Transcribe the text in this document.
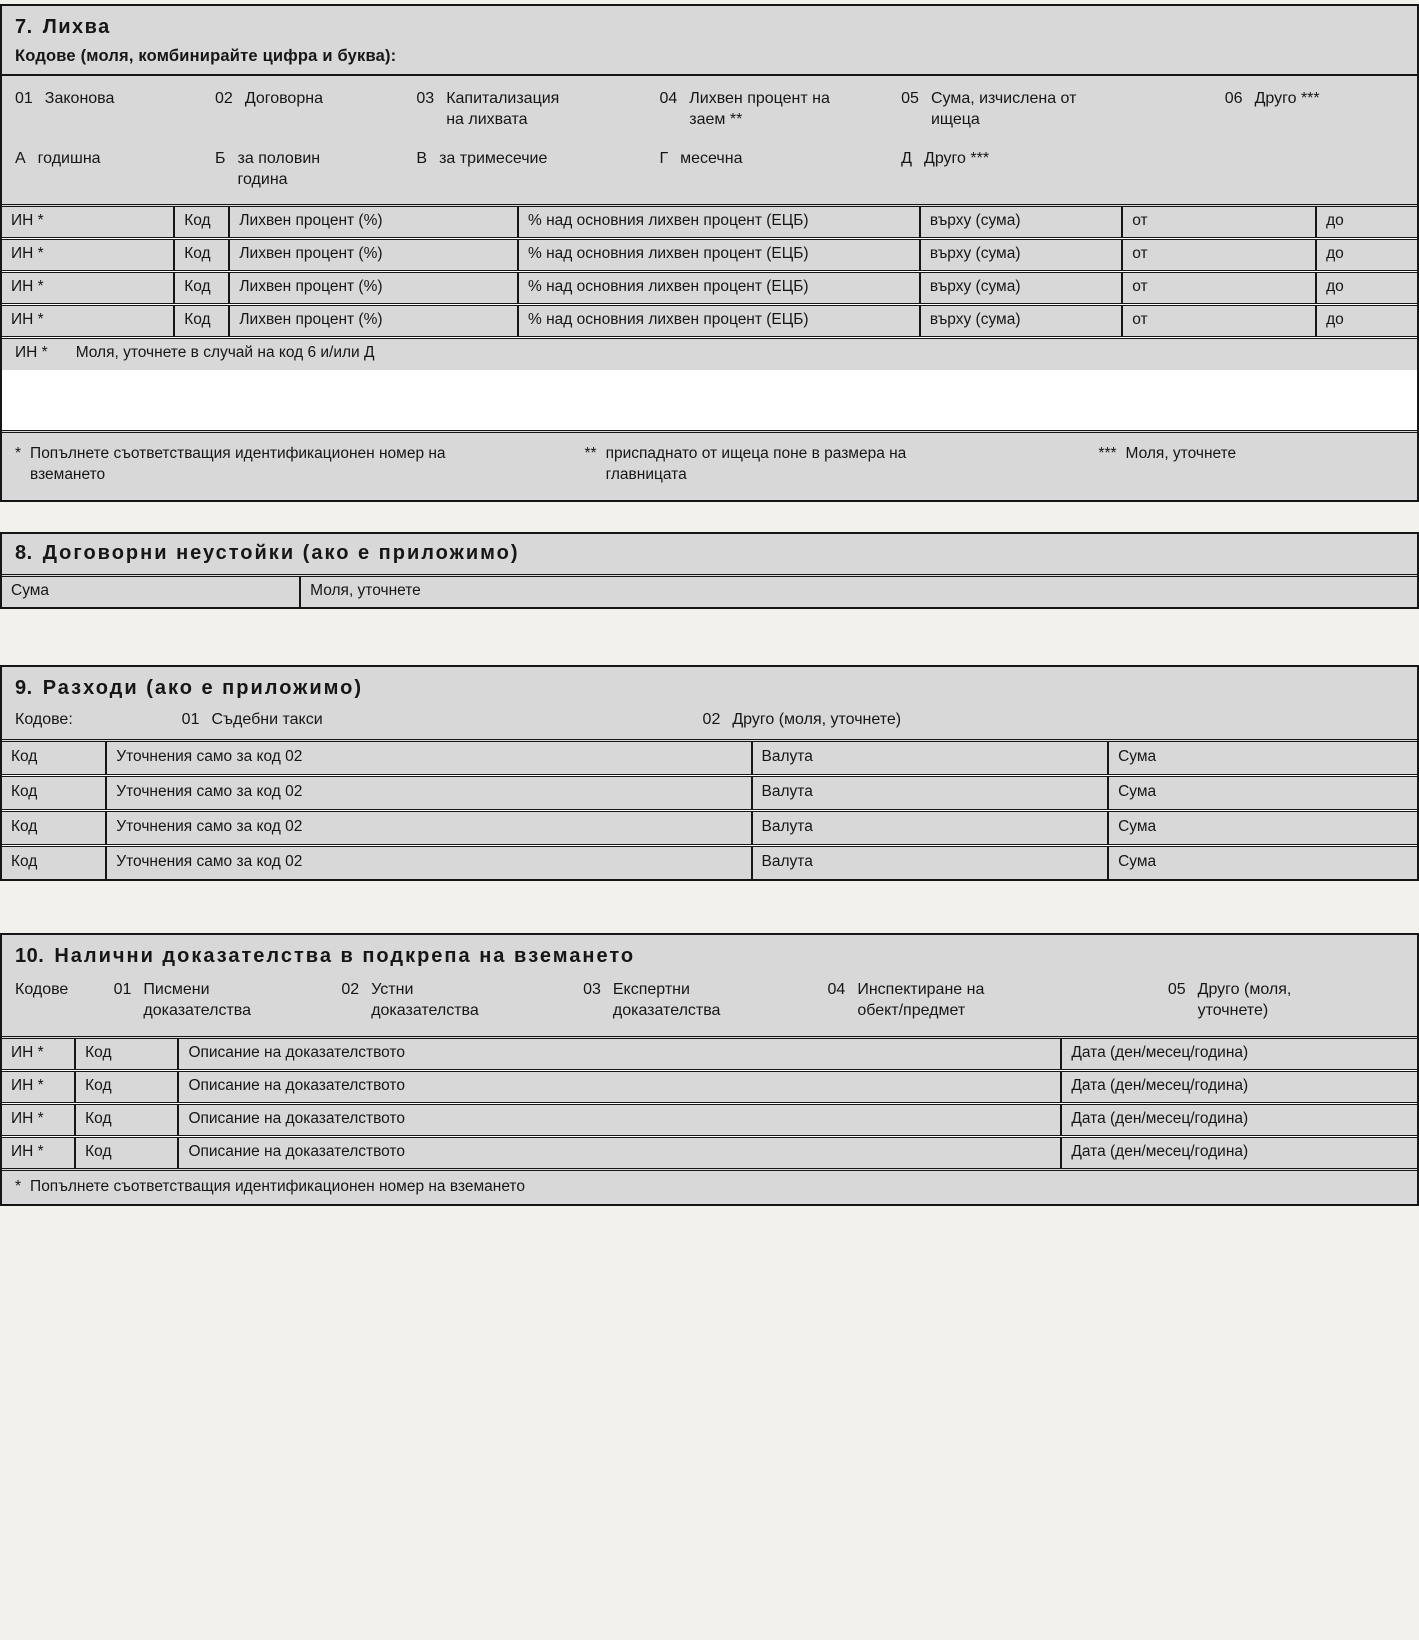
7. Лихва
Кодове (моля, комбинирайте цифра и буква):
01 Законова	02 Договорна	03 Капитализация на лихвата
04 Лихвен процент на заем **
05 Сума, изчислена от ищеца
06 Друго ***
А годишна	Б за половин година
В за тримесечие	Г месечна	Д Друго ***
ИН *	Код	Лихвен процент (%)	% над основния лихвен процент (ЕЦБ)	върху (сума)	от	до
ИН *	Код	Лихвен процент (%)	% над основния лихвен процент (ЕЦБ)	върху (сума)	от	до
ИН *	Код	Лихвен процент (%)	% над основния лихвен процент (ЕЦБ)	върху (сума)	от	до
ИН *	Код	Лихвен процент (%)	% над основния лихвен процент (ЕЦБ)	върху (сума)	от	до
ИН * Моля, уточнете в случай на код 6 и/или Д
* Попълнете съответстващия идентификационен номер на вземането
** приспаднато от ищеца поне в размера на главницата
*** Моля, уточнете
8. Договорни неустойки (ако е приложимо)
Сума	Моля, уточнете
9. Разходи (ако е приложимо)
Кодове:	01 Съдебни такси	02 Друго (моля, уточнете)
Код	Уточнения само за код 02	Валута	Сума
Код	Уточнения само за код 02	Валута	Сума
Код	Уточнения само за код 02	Валута	Сума
Код	Уточнения само за код 02	Валута	Сума
10. Налични доказателства в подкрепа на вземането
Кодове	01 Писмени доказателства
02 Устни доказателства
03 Експертни доказателства
04 Инспектиране на обект/предмет
05 Друго (моля, уточнете)
ИН *	Код	Описание на доказателството	Дата (ден/месец/година)
ИН *	Код	Описание на доказателството	Дата (ден/месец/година)
ИН *	Код	Описание на доказателството	Дата (ден/месец/година)
ИН *	Код	Описание на доказателството	Дата (ден/месец/година)
* Попълнете съответстващия идентификационен номер на вземането
